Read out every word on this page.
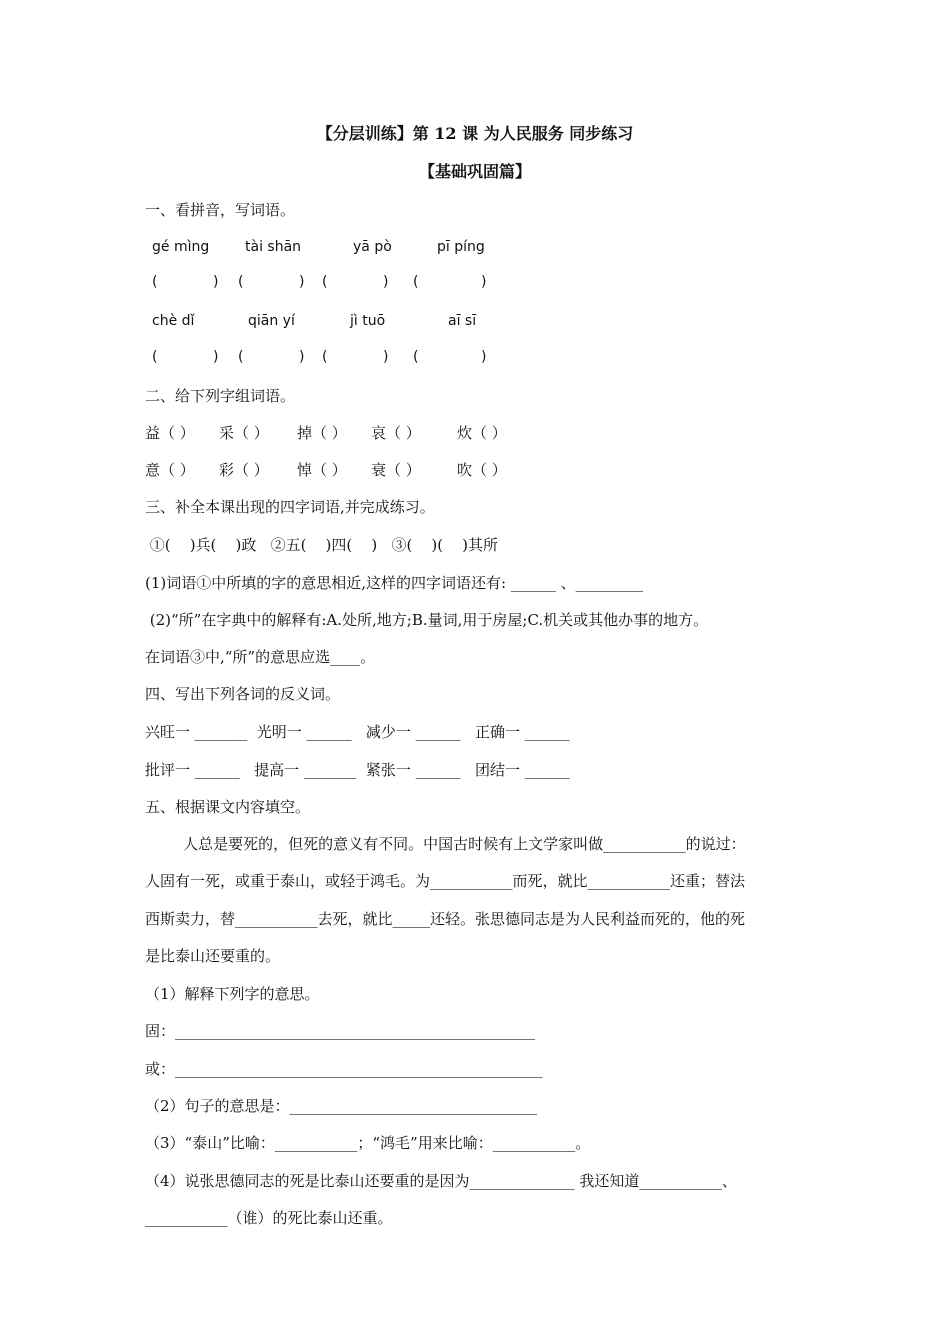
【分层训练】第 12 课 为人民服务 同步练习
【基础巩固篇】
一、看拼音，写词语。
gé mìng	tài shān	yā pò	pī píng
(	) (	) (	) (	)
chè dǐ	qiān yí	jì tuō	aī sī
(	) (	) (	) (	)
二、给下列字组词语。
益（ ） 采（ ） 掉（ ） 哀（ ） 炊（ ）
意（ ） 彩（ ） 悼（ ） 衰（ ） 吹（ ）
三、补全本课出现的四字词语,并完成练习。
①(    )兵(    )政   ②五(    )四(    )   ③(    )(    )其所
(1)词语①中所填的字的意思相近,这样的四字词语还有: ______ 、_________
(2)“所”在字典中的解释有:A.处所,地方;B.量词,用于房屋;C.机关或其他办事的地方。
在词语③中,“所”的意思应选____。
四、写出下列各词的反义词。
兴旺一 _______  光明一 ______   减少一 ______   正确一 ______
批评一 ______   提高一 _______  紧张一 ______   团结一 ______
五、根据课文内容填空。
人总是要死的，但死的意义有不同。中国古时候有上文学家叫做___________的说过：
人固有一死，或重于泰山，或轻于鸿毛。为___________而死，就比___________还重；替法
西斯卖力，替___________去死，就比_____还轻。张思德同志是为人民利益而死的，他的死
是比泰山还要重的。
（1）解释下列字的意思。
固：________________________________________________
或：_________________________________________________
（2）句子的意思是：_________________________________
（3）“泰山”比喻：___________；“鸿毛”用来比喻：___________。
（4）说张思德同志的死是比泰山还要重的是因为______________ 我还知道___________、
___________（谁）的死比泰山还重。
